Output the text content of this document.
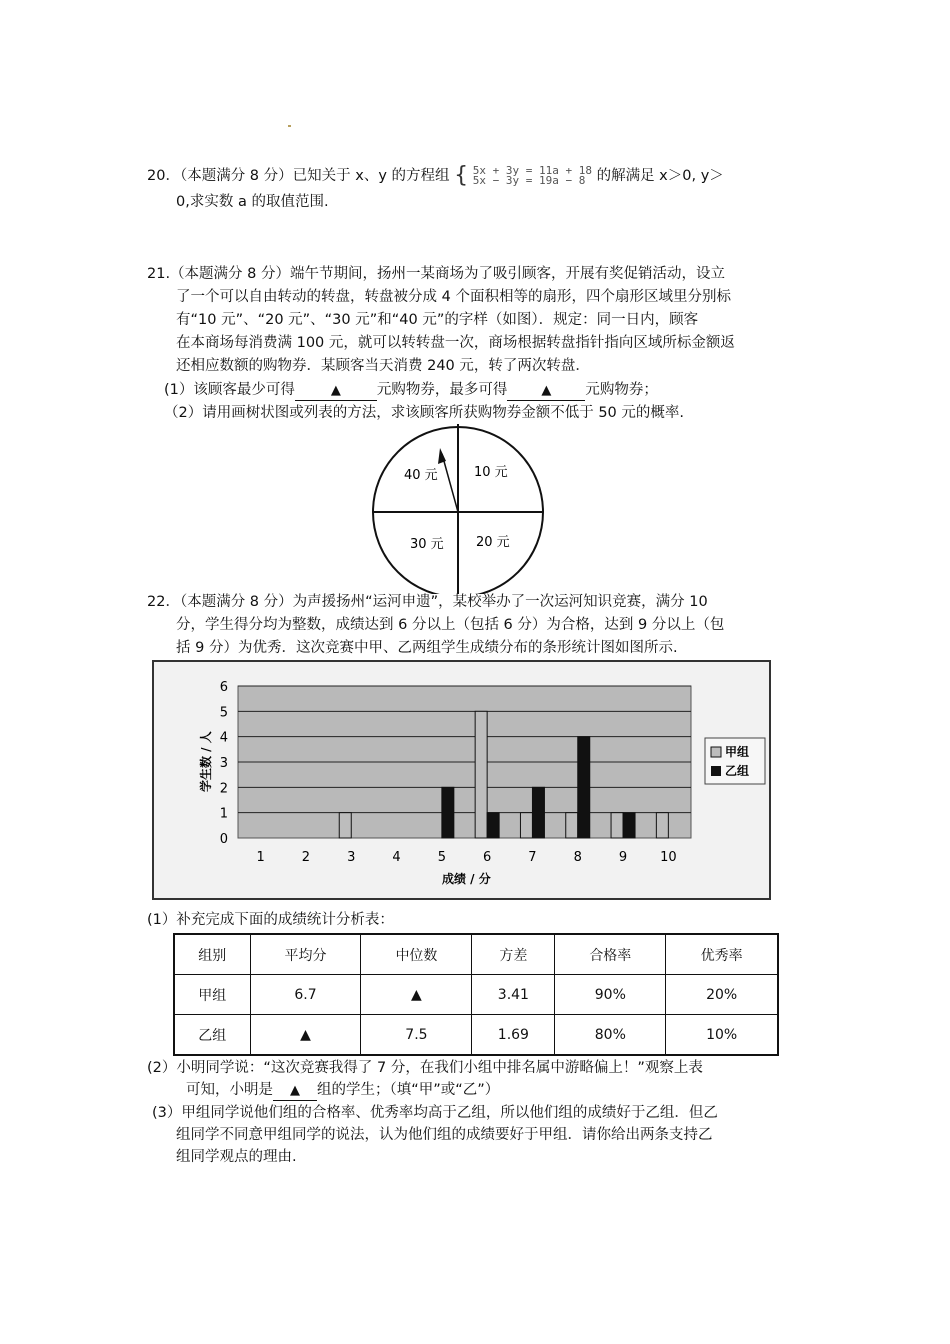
20．（本题满分 8 分）已知关于 x、y 的方程组 { 5x + 3y = 11a + 18
5x − 3y = 19a − 8 的解满足 x＞0, y＞
0,求实数 a 的取值范围.
21.（本题满分 8 分）端午节期间，扬州一某商场为了吸引顾客，开展有奖促销活动，设立
了一个可以自由转动的转盘，转盘被分成 4 个面积相等的扇形，四个扇形区域里分别标
有“10 元”、“20 元”、“30 元”和“40 元”的字样（如图）．规定：同一日内，顾客
在本商场每消费满 100 元，就可以转转盘一次，商场根据转盘指针指向区域所标金额返
还相应数额的购物券．某顾客当天消费 240 元，转了两次转盘．
(1）该顾客最少可得	▲ 元购物券，最多可得	▲ 元购物券；
（2）请用画树状图或列表的方法，求该顾客所获购物券金额不低于 50 元的概率.
40 元	10 元
30 元 20 元
22．（本题满分 8 分）为声援扬州“运河申遗”，某校举办了一次运河知识竞赛，满分 10
分，学生得分均为整数，成绩达到 6 分以上（包括 6 分）为合格，达到 9 分以上（包
括 9 分）为优秀．这次竞赛中甲、乙两组学生成绩分布的条形统计图如图所示.
0
1
2
3
4
5
6
1	2	3	4	5	6	7	8	9	10
学生数 / 人
成绩 / 分
甲组
乙组
(1）补充完成下面的成绩统计分析表：
组别	平均分	中位数	方差	合格率	优秀率
甲组	6.7	▲	3.41	90%	20%
乙组	▲	7.5	1.69	80%	10%
(2）小明同学说：“这次竞赛我得了 7 分，在我们小组中排名属中游略偏上！”观察上表
可知，小明是 ▲ 组的学生；（填“甲”或“乙”）
(3）甲组同学说他们组的合格率、优秀率均高于乙组，所以他们组的成绩好于乙组．但乙
组同学不同意甲组同学的说法，认为他们组的成绩要好于甲组．请你给出两条支持乙
组同学观点的理由.
